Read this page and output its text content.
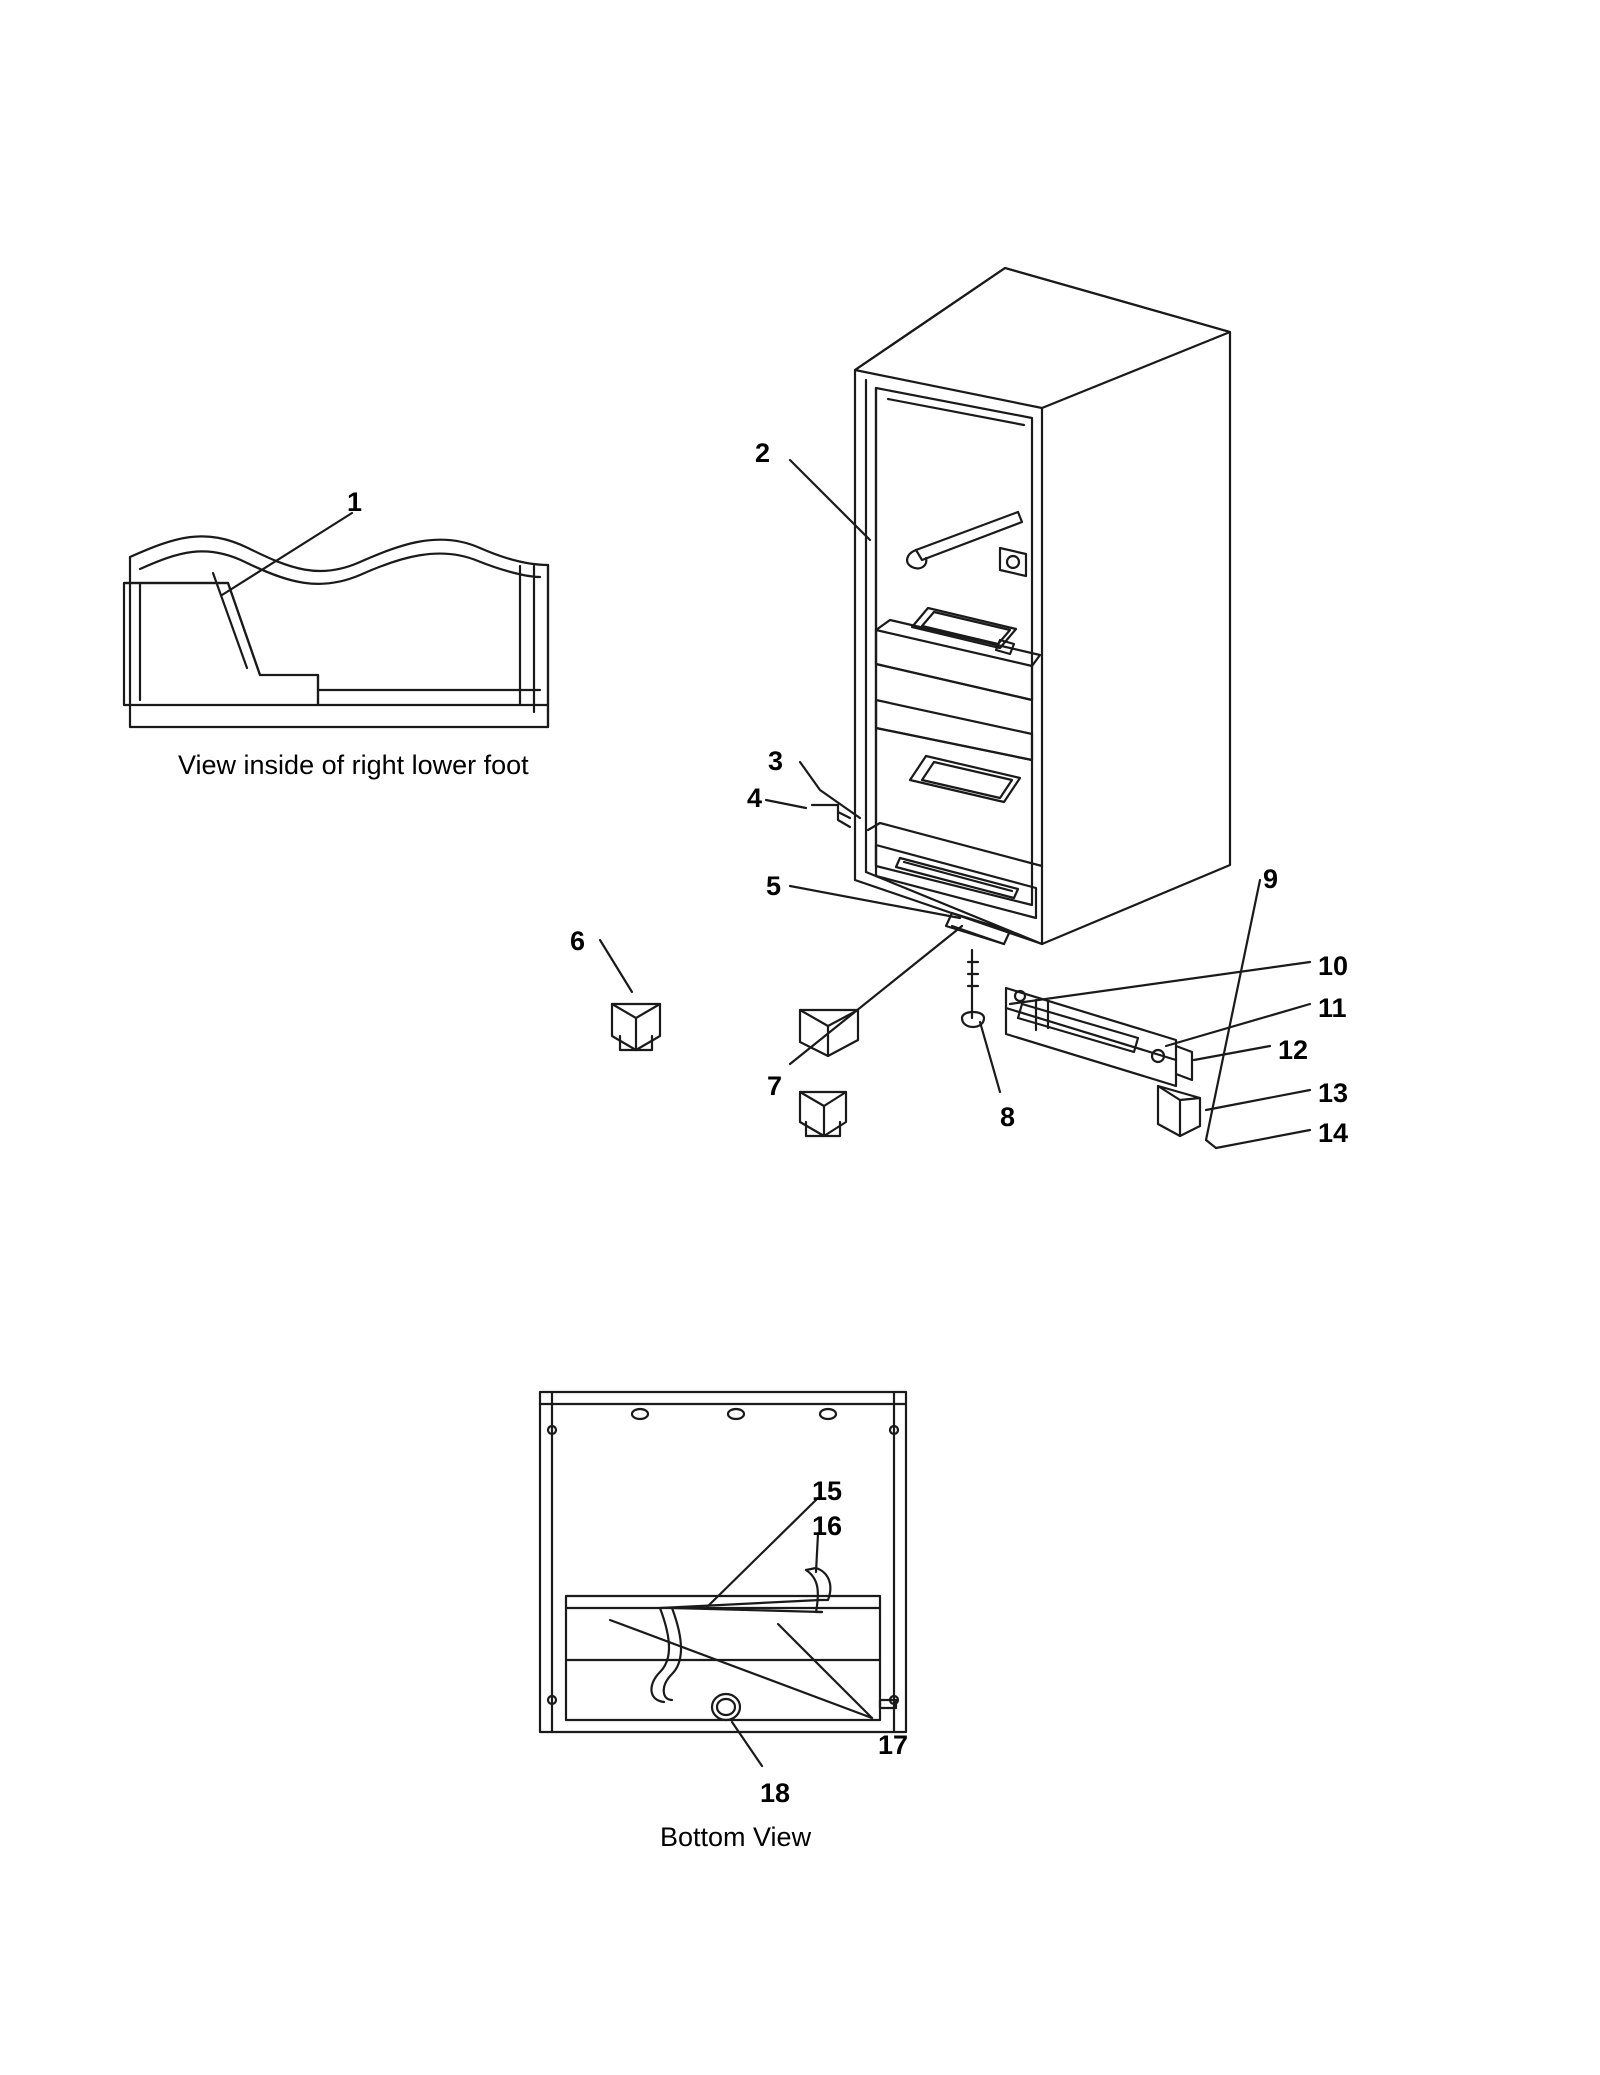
1
2
3
4
5
6
7
8
9
10
11
12
13
14
15
16
17
18
View inside of right lower foot
Bottom View
